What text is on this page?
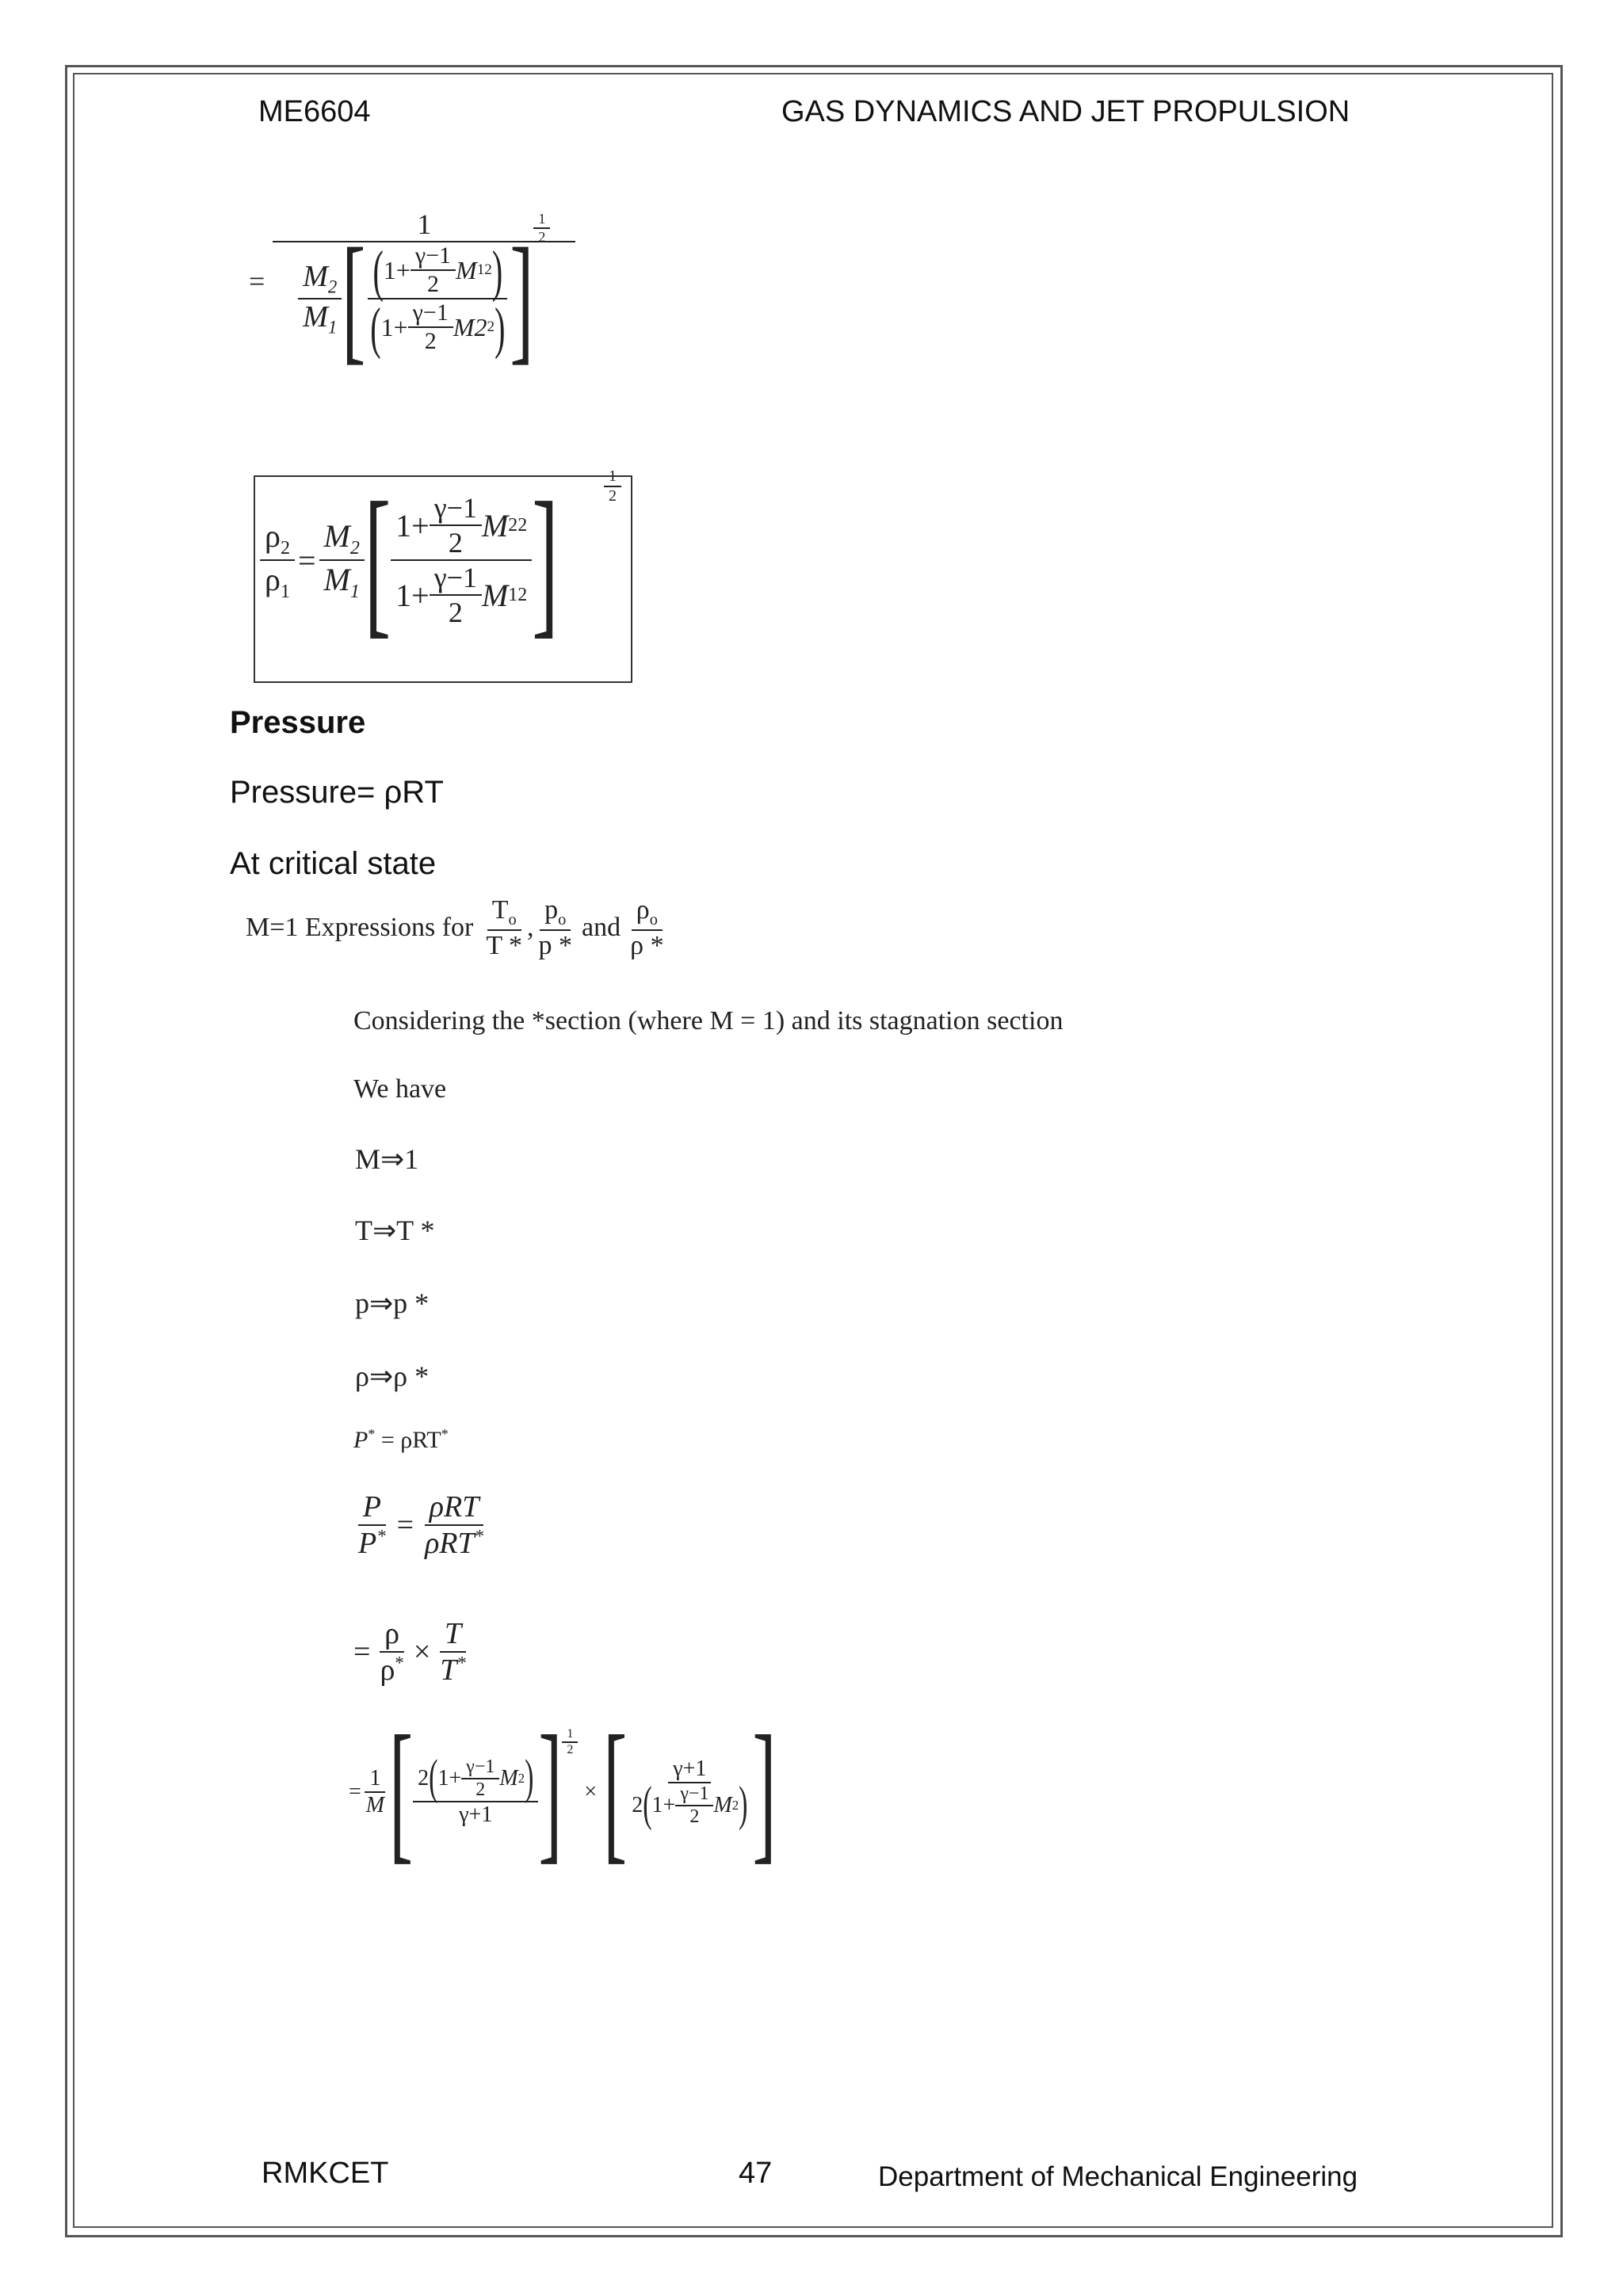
ME6604	GAS DYNAMICS AND JET PROPULSION
=
1
$\frac{M_2}{M_1}$ [ ( $1+ \frac{\gamma-1}{2}$ M 1 2 )
( $1+ \frac{\gamma-1}{2} M2$ 2 ) ] $\frac{1}{2}$
$\frac{\rho_2}{\rho_1} = \frac{M_2}{M_1}$ [ $\frac{1+ \frac{\gamma-1}{2} M 2 2}{1+ \frac{\gamma-1}{2} M 1 2}$ ]	$\frac{1}{2}$
Pressure
Pressure= ρRT
At critical state
M=1 Expressions for $\frac{T_o}{T *}$ , $\frac{p_o}{p *}$ and $\frac{\rho_o}{\rho *}$
Considering the *section (where M = 1) and its stagnation section
We have
M⇒1
T⇒T *
p⇒p *
ρ⇒ρ *
P* = ρRT*
$\frac{P}{P^*} = \frac{\text{ρRT}}{\rho RT^*}$
= $\frac{\rho}{\rho^*} \times \frac{T}{T^*}$
= $\frac{1}{M}$ [ $\frac{2 ( 1+ \frac{\gamma-1}{2} M 2 )}{\gamma+1}$ ] $\frac{1}{2}$
× [ $\frac{\gamma+1}{2 ( 1+ \frac{\gamma-1}{2} M 2 )}$ ]
RMKCET	47	Department of Mechanical Engineering
